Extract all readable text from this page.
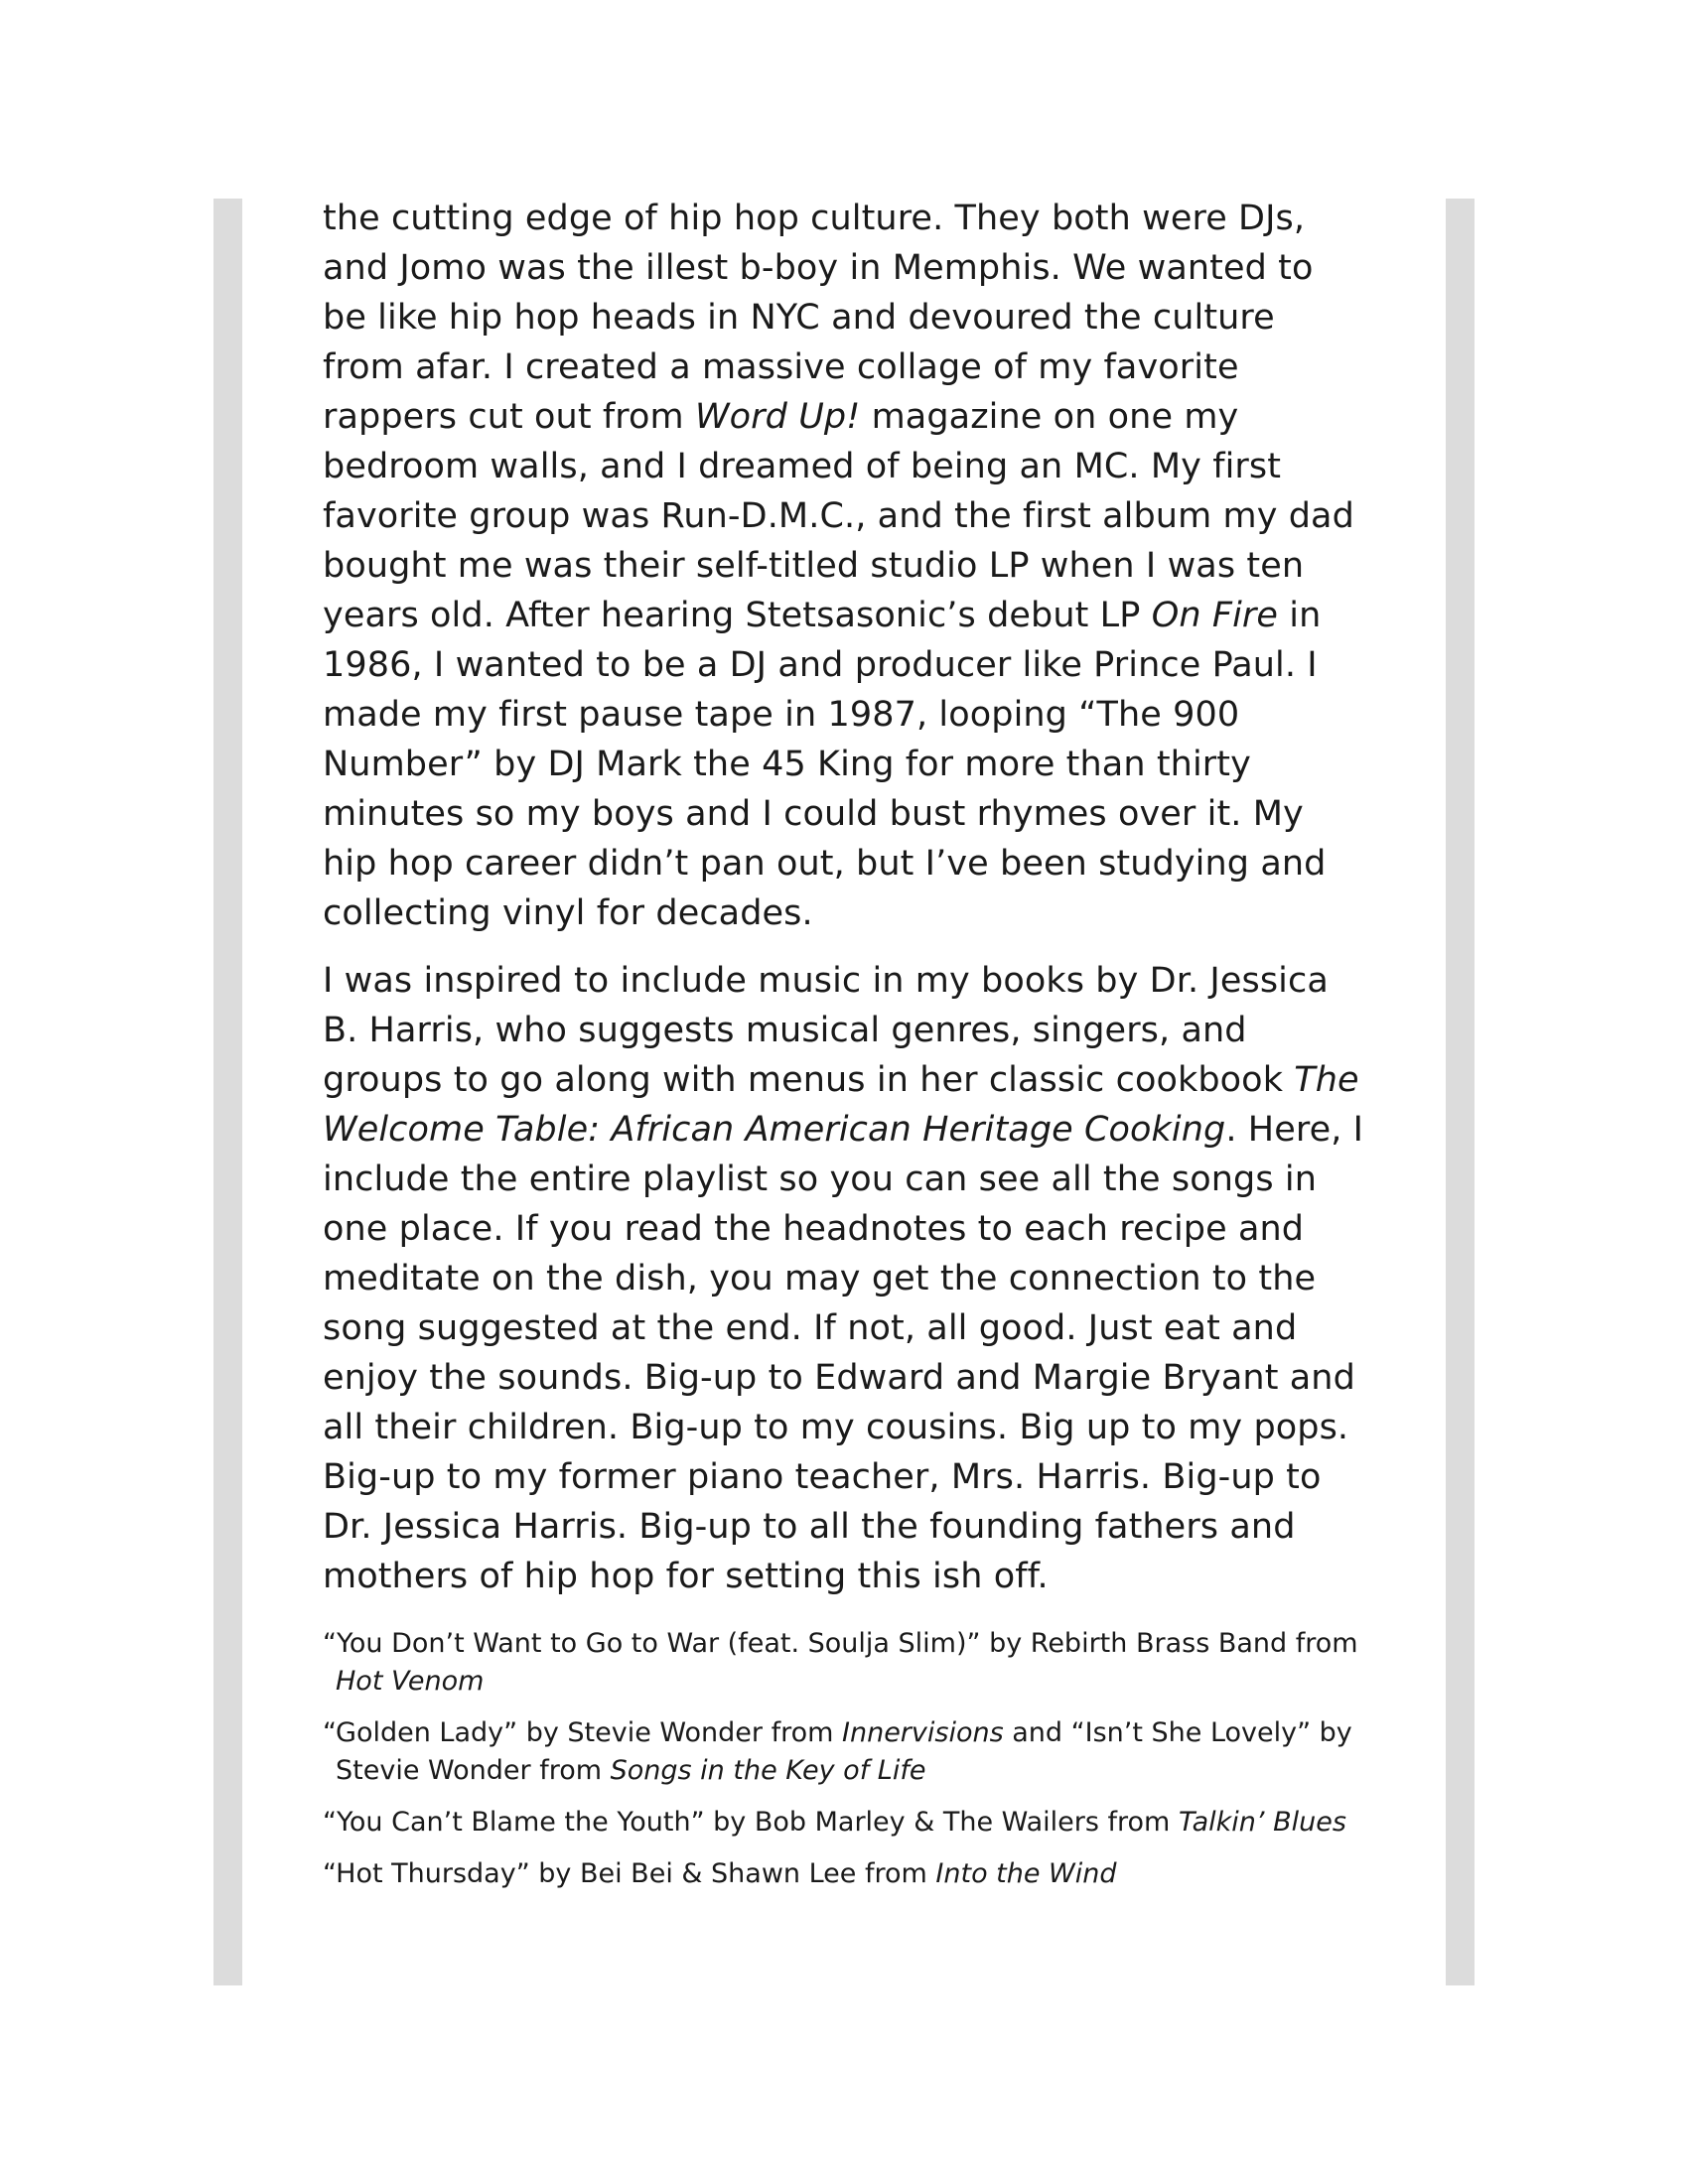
the cutting edge of hip hop culture. They both were DJs, and Jomo was the illest b-boy in Memphis. We wanted to be like hip hop heads in NYC and devoured the culture from afar. I created a massive collage of my favorite rappers cut out from Word Up! magazine on one my bedroom walls, and I dreamed of being an MC. My first favorite group was Run-D.M.C., and the first album my dad bought me was their self-titled studio LP when I was ten years old. After hearing Stetsasonic’s debut LP On Fire in 1986, I wanted to be a DJ and producer like Prince Paul. I made my first pause tape in 1987, looping “The 900 Number” by DJ Mark the 45 King for more than thirty minutes so my boys and I could bust rhymes over it. My hip hop career didn’t pan out, but I’ve been studying and collecting vinyl for decades.

I was inspired to include music in my books by Dr. Jessica B. Harris, who suggests musical genres, singers, and groups to go along with menus in her classic cookbook The Welcome Table: African American Heritage Cooking. Here, I include the entire playlist so you can see all the songs in one place. If you read the headnotes to each recipe and meditate on the dish, you may get the connection to the song suggested at the end. If not, all good. Just eat and enjoy the sounds. Big-up to Edward and Margie Bryant and all their children. Big-up to my cousins. Big up to my pops. Big-up to my former piano teacher, Mrs. Harris. Big-up to Dr. Jessica Harris. Big-up to all the founding fathers and mothers of hip hop for setting this ish off.

“You Don’t Want to Go to War (feat. Soulja Slim)” by Rebirth Brass Band from Hot Venom
“Golden Lady” by Stevie Wonder from Innervisions and “Isn’t She Lovely” by Stevie Wonder from Songs in the Key of Life
“You Can’t Blame the Youth” by Bob Marley & The Wailers from Talkin’ Blues
“Hot Thursday” by Bei Bei & Shawn Lee from Into the Wind
